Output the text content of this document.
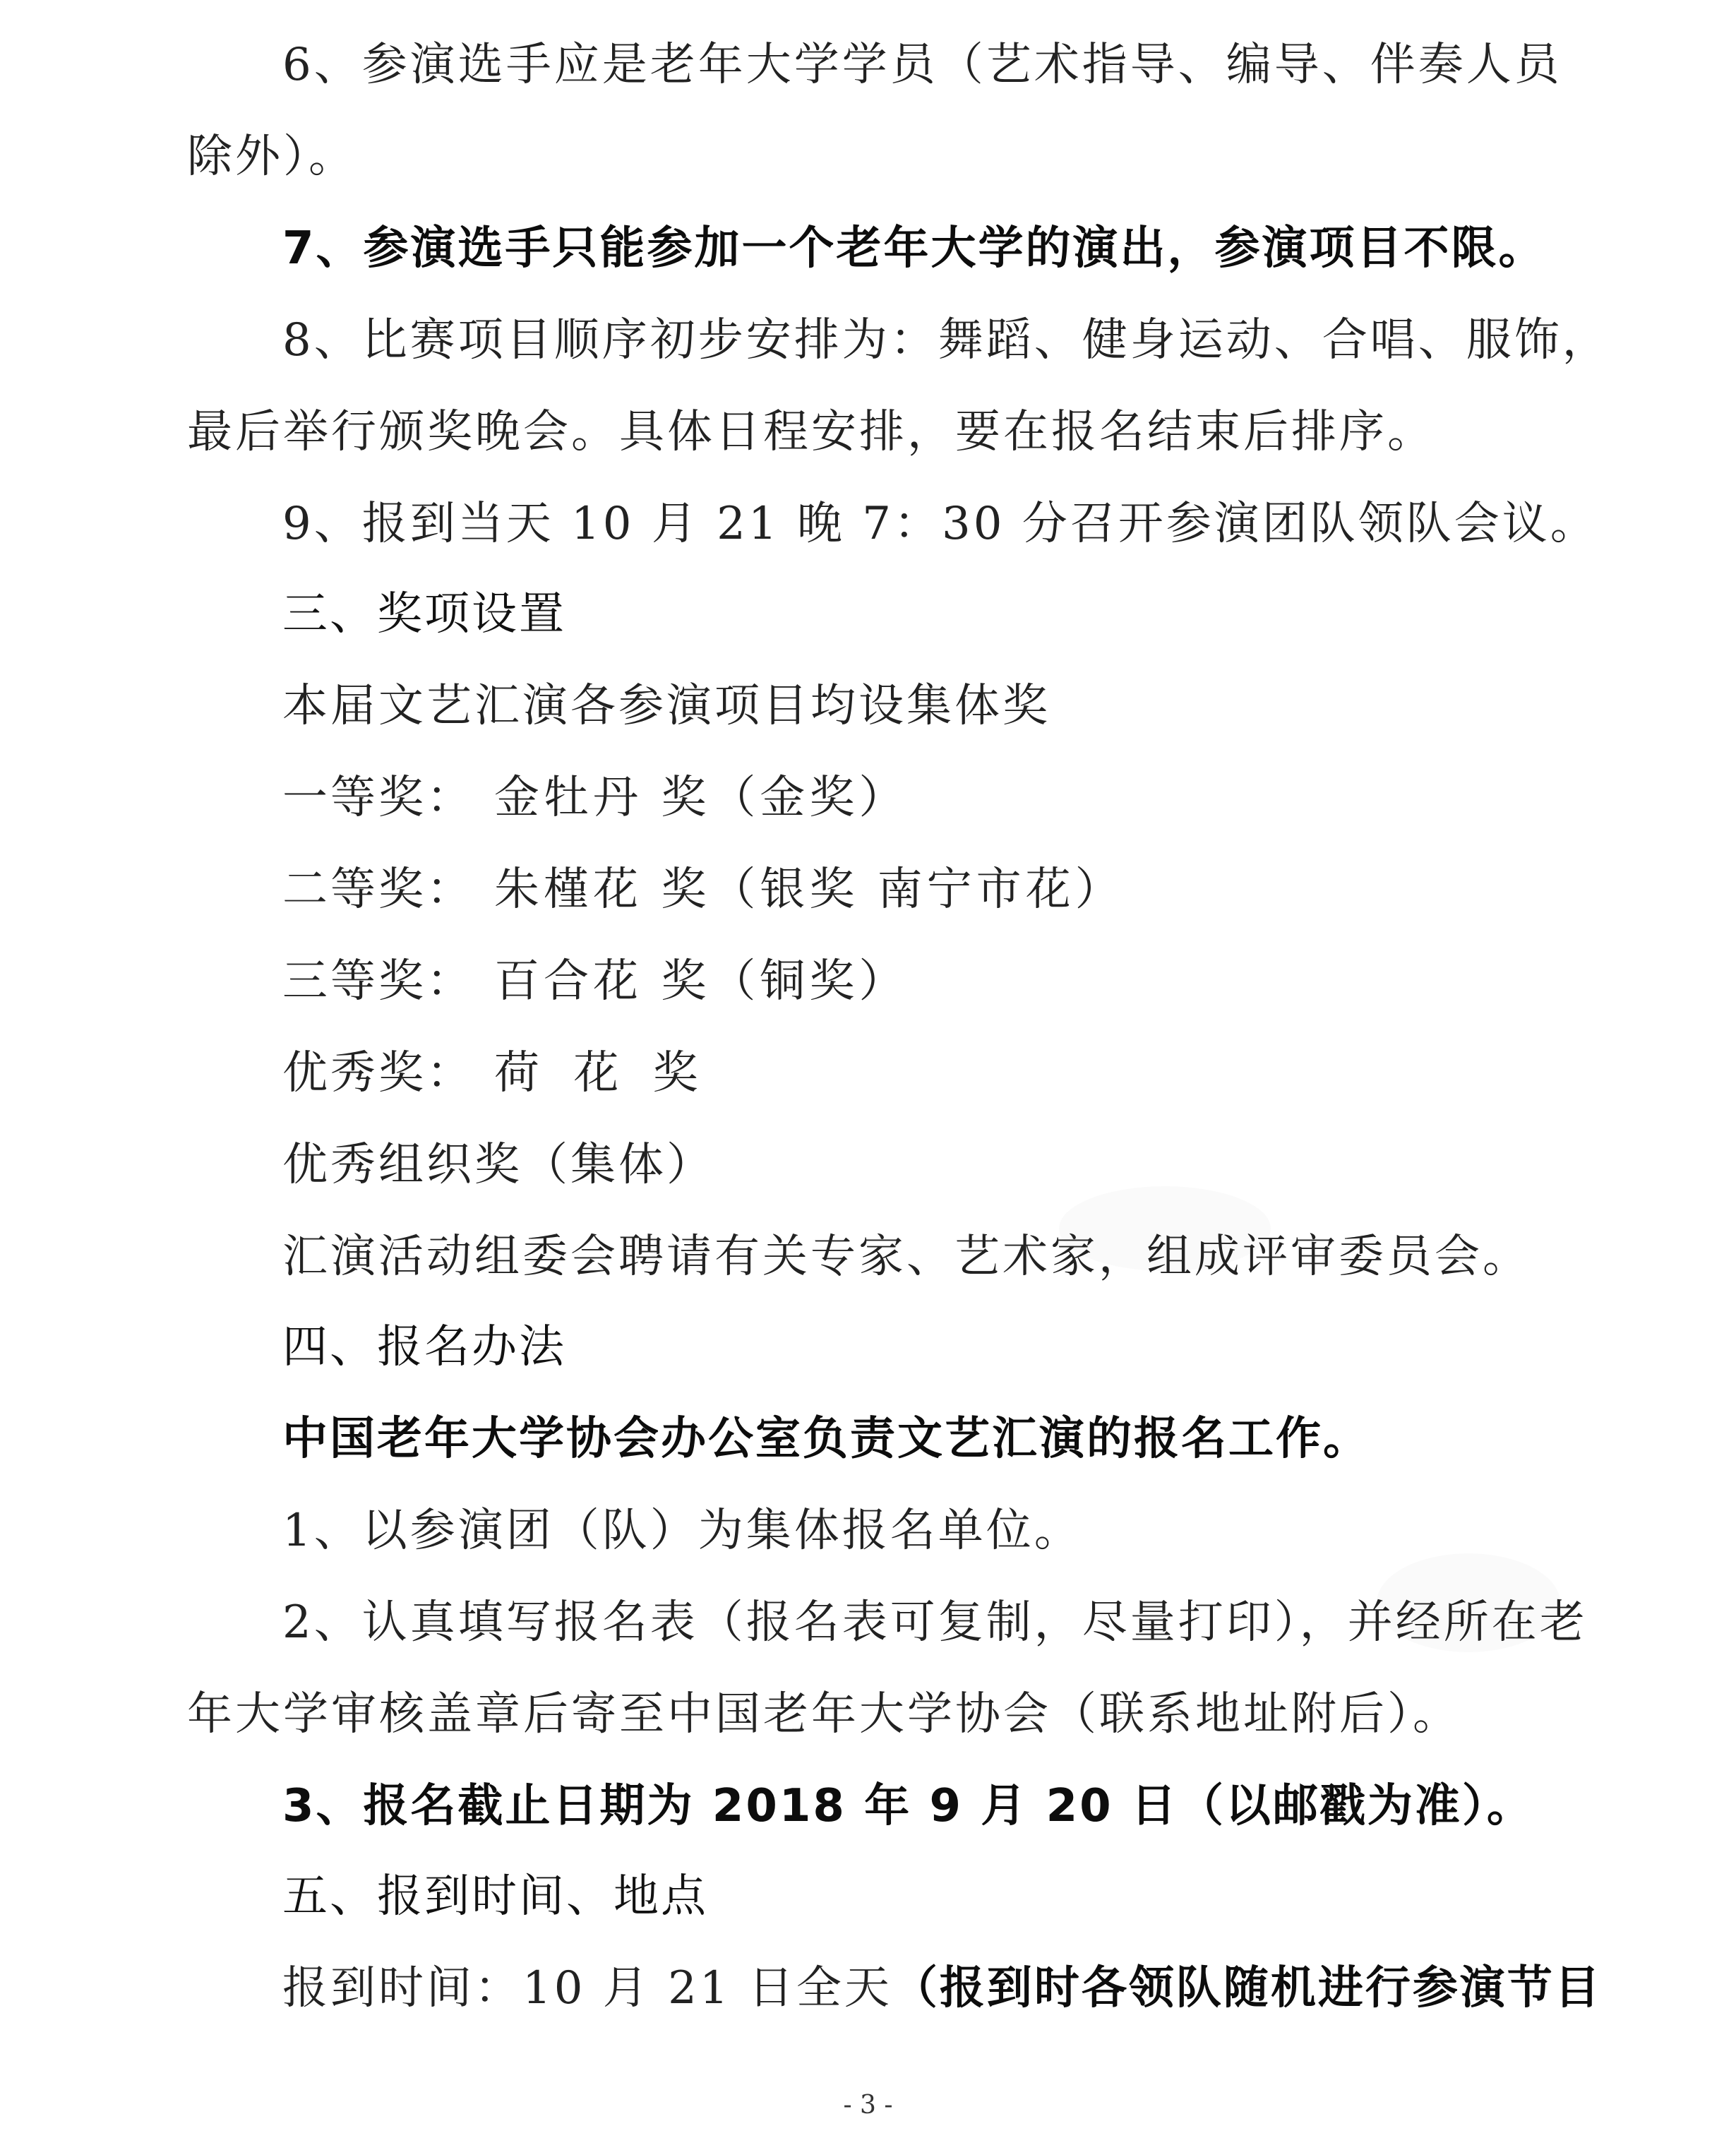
6、参演选手应是老年大学学员（艺术指导、编导、伴奏人员
除外）。
7、参演选手只能参加一个老年大学的演出，参演项目不限。
8、比赛项目顺序初步安排为：舞蹈、健身运动、合唱、服饰，
最后举行颁奖晚会。具体日程安排，要在报名结束后排序。
9、报到当天 10 月 21 晚 7：30 分召开参演团队领队会议。
三、奖项设置
本届文艺汇演各参演项目均设集体奖
一等奖： 金牡丹 奖（金奖）
二等奖： 朱槿花 奖（银奖 南宁市花）
三等奖： 百合花 奖（铜奖）
优秀奖： 荷 花 奖
优秀组织奖（集体）
汇演活动组委会聘请有关专家、艺术家，组成评审委员会。
四、报名办法
中国老年大学协会办公室负责文艺汇演的报名工作。
1、以参演团（队）为集体报名单位。
2、认真填写报名表（报名表可复制，尽量打印），并经所在老
年大学审核盖章后寄至中国老年大学协会（联系地址附后）。
3、报名截止日期为 2018 年 9 月 20 日（以邮戳为准）。
五、报到时间、地点
报到时间：10 月 21 日全天（报到时各领队随机进行参演节目
- 3 -
